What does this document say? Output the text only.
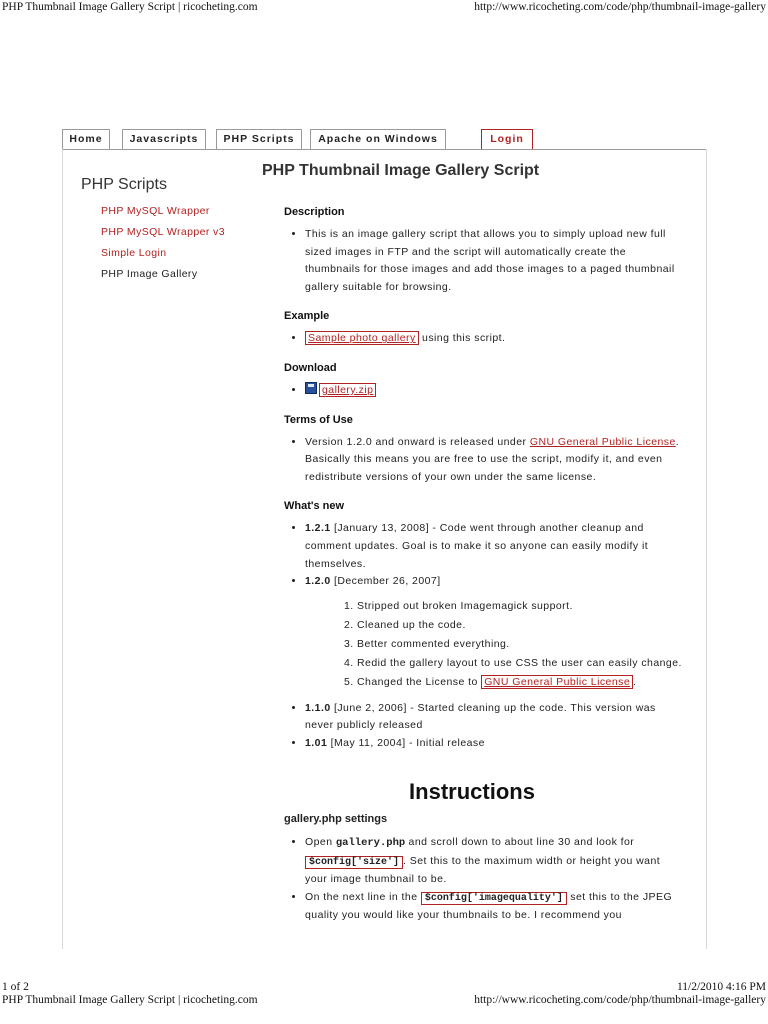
PHP Thumbnail Image Gallery Script | ricocheting.com	http://www.ricocheting.com/code/php/thumbnail-image-gallery
Home	Javascripts	PHP Scripts	Apache on Windows	Login
PHP Scripts
PHP MySQL Wrapper
PHP MySQL Wrapper v3
Simple Login
PHP Image Gallery
PHP Thumbnail Image Gallery Script
Description
• This is an image gallery script that allows you to simply upload new full sized images in FTP and the script will automatically create the thumbnails for those images and add those images to a paged thumbnail gallery suitable for browsing.
Example
• Sample photo gallery using this script.
Download
• gallery.zip
Terms of Use
• Version 1.2.0 and onward is released under GNU General Public License. Basically this means you are free to use the script, modify it, and even redistribute versions of your own under the same license.
What's new
• 1.2.1 [January 13, 2008] - Code went through another cleanup and comment updates. Goal is to make it so anyone can easily modify it themselves.
• 1.2.0 [December 26, 2007]
1. Stripped out broken Imagemagick support.
2. Cleaned up the code.
3. Better commented everything.
4. Redid the gallery layout to use CSS the user can easily change.
5. Changed the License to GNU General Public License .
• 1.1.0 [June 2, 2006] - Started cleaning up the code. This version was never publicly released
• 1.01 [May 11, 2004] - Initial release
Instructions
gallery.php settings
• Open gallery.php and scroll down to about line 30 and look for $config['size'] . Set this to the maximum width or height you want your image thumbnail to be.
• On the next line in the $config['imagequality'] set this to the JPEG quality you would like your thumbnails to be. I recommend you
1 of 2	11/2/2010 4:16 PM
PHP Thumbnail Image Gallery Script | ricocheting.com	http://www.ricocheting.com/code/php/thumbnail-image-gallery
